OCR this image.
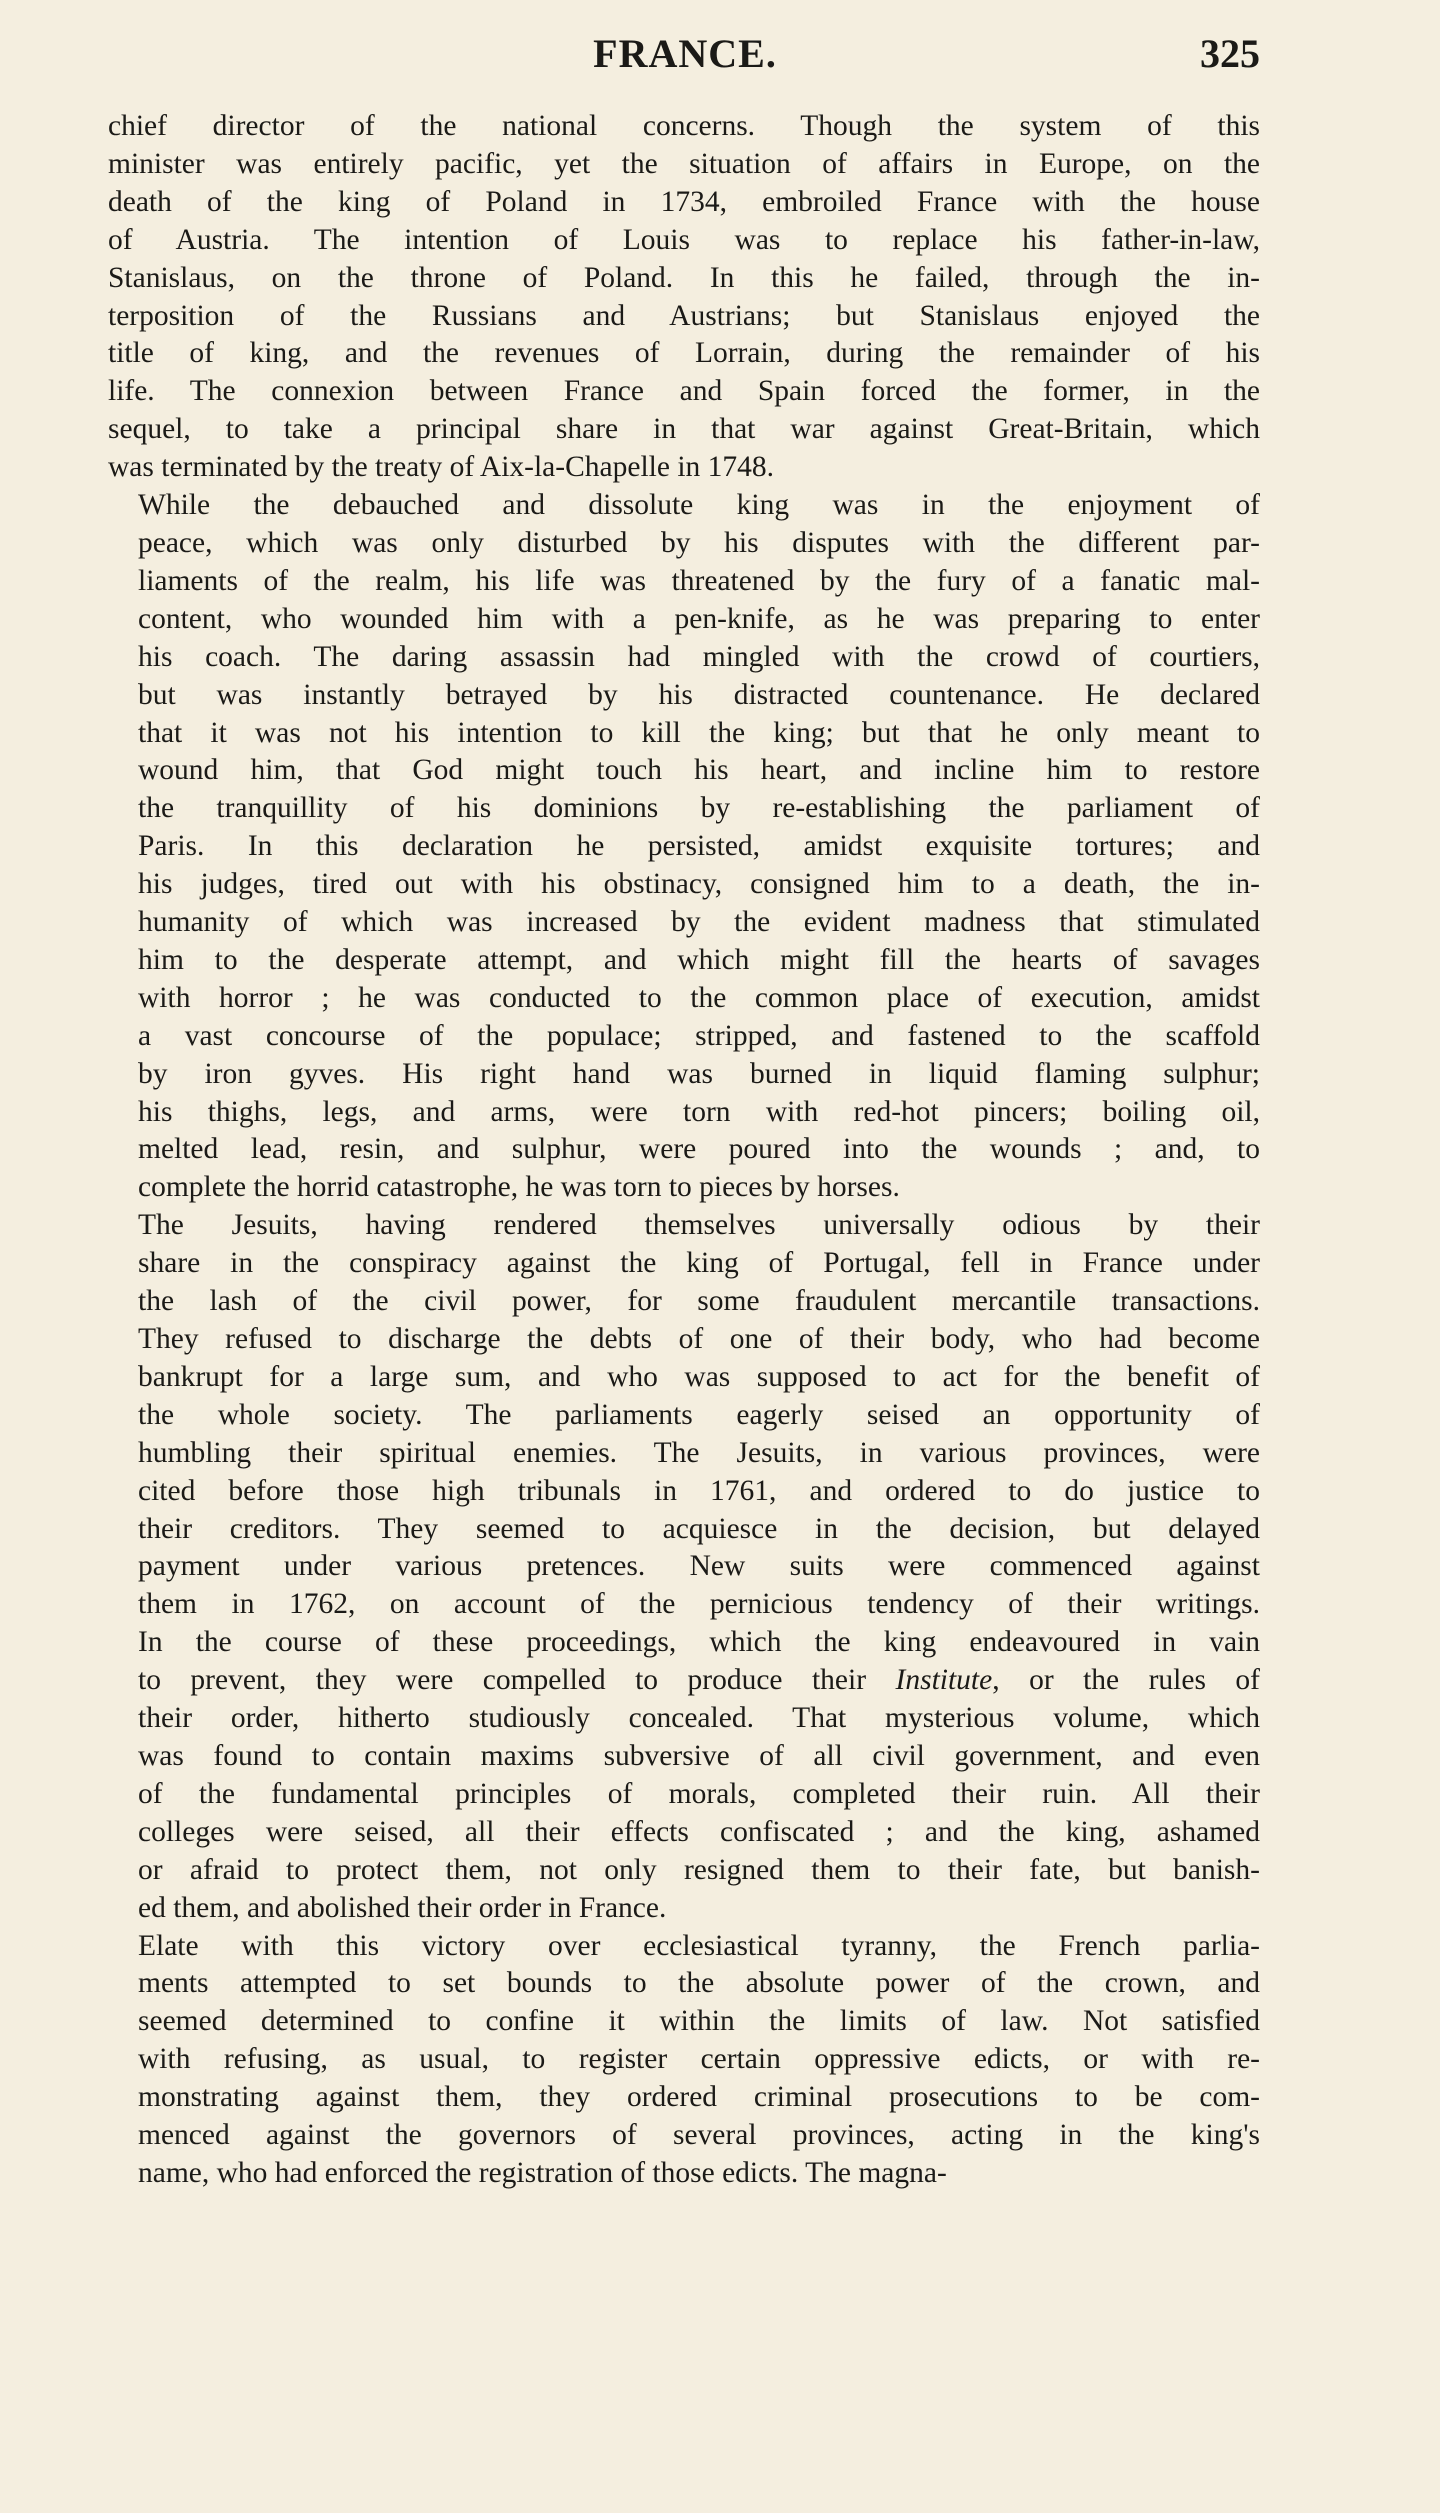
FRANCE.	325

chief director of the national concerns. Though the system of this
minister was entirely pacific, yet the situation of affairs in Europe, on the
death of the king of Poland in 1734, embroiled France with the house
of Austria. The intention of Louis was to replace his father-in-law,
Stanislaus, on the throne of Poland. In this he failed, through the in-
terposition of the Russians and Austrians; but Stanislaus enjoyed the
title of king, and the revenues of Lorrain, during the remainder of his
life. The connexion between France and Spain forced the former, in the
sequel, to take a principal share in that war against Great-Britain, which
was terminated by the treaty of Aix-la-Chapelle in 1748.

While the debauched and dissolute king was in the enjoyment of
peace, which was only disturbed by his disputes with the different par-
liaments of the realm, his life was threatened by the fury of a fanatic mal-
content, who wounded him with a pen-knife, as he was preparing to enter
his coach. The daring assassin had mingled with the crowd of courtiers,
but was instantly betrayed by his distracted countenance. He declared
that it was not his intention to kill the king; but that he only meant to
wound him, that God might touch his heart, and incline him to restore
the tranquillity of his dominions by re-establishing the parliament of
Paris. In this declaration he persisted, amidst exquisite tortures; and
his judges, tired out with his obstinacy, consigned him to a death, the in-
humanity of which was increased by the evident madness that stimulated
him to the desperate attempt, and which might fill the hearts of savages
with horror ; he was conducted to the common place of execution, amidst
a vast concourse of the populace; stripped, and fastened to the scaffold
by iron gyves. His right hand was burned in liquid flaming sulphur;
his thighs, legs, and arms, were torn with red-hot pincers; boiling oil,
melted lead, resin, and sulphur, were poured into the wounds ; and, to
complete the horrid catastrophe, he was torn to pieces by horses.

The Jesuits, having rendered themselves universally odious by their
share in the conspiracy against the king of Portugal, fell in France under
the lash of the civil power, for some fraudulent mercantile transactions.
They refused to discharge the debts of one of their body, who had become
bankrupt for a large sum, and who was supposed to act for the benefit of
the whole society. The parliaments eagerly seised an opportunity of
humbling their spiritual enemies. The Jesuits, in various provinces, were
cited before those high tribunals in 1761, and ordered to do justice to
their creditors. They seemed to acquiesce in the decision, but delayed
payment under various pretences. New suits were commenced against
them in 1762, on account of the pernicious tendency of their writings.
In the course of these proceedings, which the king endeavoured in vain
to prevent, they were compelled to produce their Institute, or the rules of
their order, hitherto studiously concealed. That mysterious volume, which
was found to contain maxims subversive of all civil government, and even
of the fundamental principles of morals, completed their ruin. All their
colleges were seised, all their effects confiscated ; and the king, ashamed
or afraid to protect them, not only resigned them to their fate, but banish-
ed them, and abolished their order in France.

Elate with this victory over ecclesiastical tyranny, the French parlia-
ments attempted to set bounds to the absolute power of the crown, and
seemed determined to confine it within the limits of law. Not satisfied
with refusing, as usual, to register certain oppressive edicts, or with re-
monstrating against them, they ordered criminal prosecutions to be com-
menced against the governors of several provinces, acting in the king's
name, who had enforced the registration of those edicts. The magna-
